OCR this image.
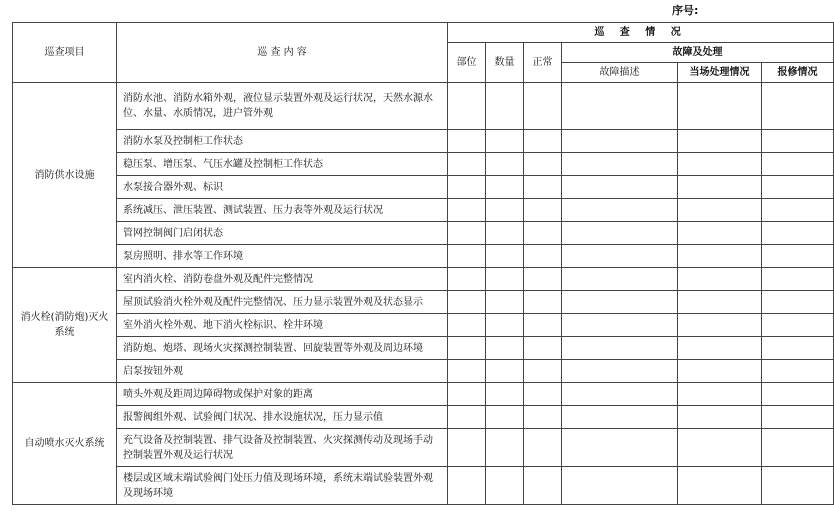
序号:
巡查项目	巡 查 内 容	巡 查 情 况					
		部位	数量	正常	故障及处理		
					故障描述	当场处理情况	报修情况
消防供水设施	消防水池、消防水箱外观，液位显示装置外观及运行状况，天然水源水位、水量、水质情况，进户管外观						
	消防水泵及控制柜工作状态						
	稳压泵、增压泵、气压水罐及控制柜工作状态						
	水泵接合器外观、标识						
	系统减压、泄压装置、测试装置、压力表等外观及运行状况						
	管网控制阀门启闭状态						
	泵房照明、排水等工作环境						
消火栓(消防炮)灭火系统	室内消火栓、消防卷盘外观及配件完整情况						
	屋顶试验消火栓外观及配件完整情况、压力显示装置外观及状态显示						
	室外消火栓外观、地下消火栓标识、栓井环境						
	消防炮、炮塔、现场火灾探测控制装置、回旋装置等外观及周边环境						
	启泵按钮外观						
自动喷水灭火系统	喷头外观及距周边障碍物或保护对象的距离						
	报警阀组外观、试验阀门状况、排水设施状况，压力显示值						
	充气设备及控制装置、排气设备及控制装置、火灾探测传动及现场手动控制装置外观及运行状况						
	楼层或区域末端试验阀门处压力值及现场环境，系统末端试验装置外观及现场环境						
